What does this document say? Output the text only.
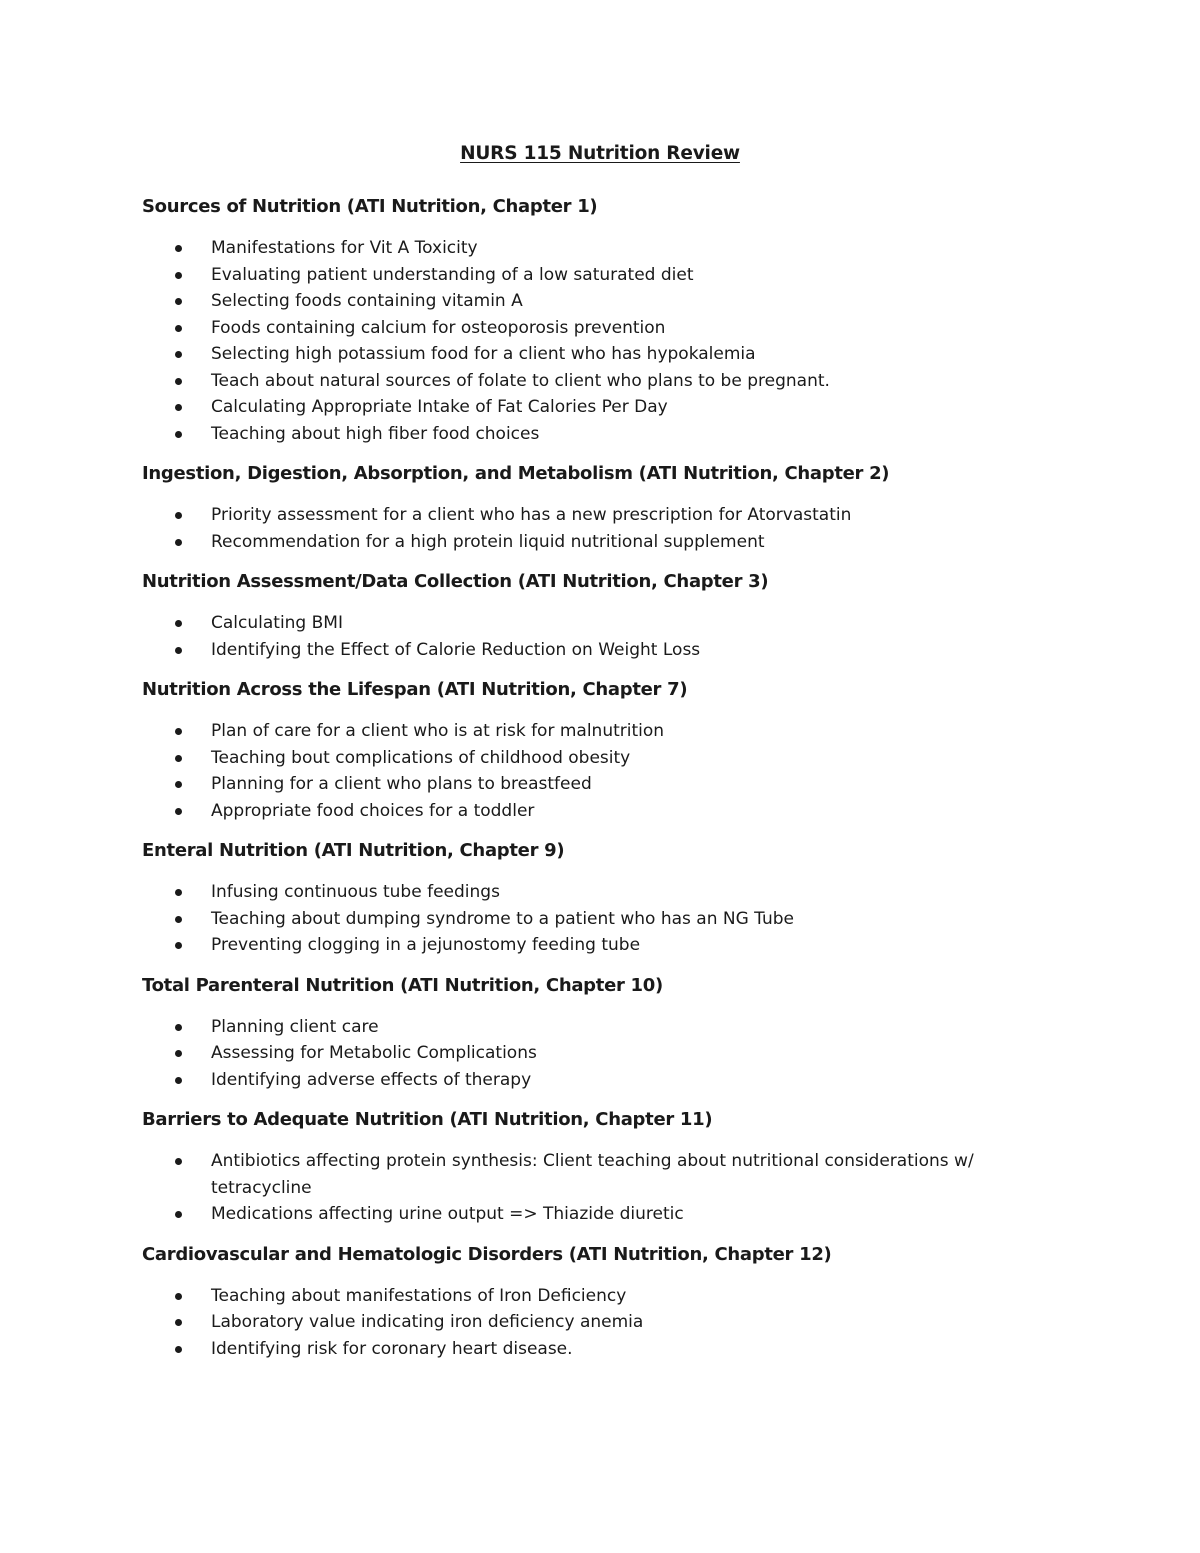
NURS 115 Nutrition Review
Sources of Nutrition (ATI Nutrition, Chapter 1)
Manifestations for Vit A Toxicity
Evaluating patient understanding of a low saturated diet
Selecting foods containing vitamin A
Foods containing calcium for osteoporosis prevention
Selecting high potassium food for a client who has hypokalemia
Teach about natural sources of folate to client who plans to be pregnant.
Calculating Appropriate Intake of Fat Calories Per Day
Teaching about high fiber food choices
Ingestion, Digestion, Absorption, and Metabolism (ATI Nutrition, Chapter 2)
Priority assessment for a client who has a new prescription for Atorvastatin
Recommendation for a high protein liquid nutritional supplement
Nutrition Assessment/Data Collection (ATI Nutrition, Chapter 3)
Calculating BMI
Identifying the Effect of Calorie Reduction on Weight Loss
Nutrition Across the Lifespan (ATI Nutrition, Chapter 7)
Plan of care for a client who is at risk for malnutrition
Teaching bout complications of childhood obesity
Planning for a client who plans to breastfeed
Appropriate food choices for a toddler
Enteral Nutrition (ATI Nutrition, Chapter 9)
Infusing continuous tube feedings
Teaching about dumping syndrome to a patient who has an NG Tube
Preventing clogging in a jejunostomy feeding tube
Total Parenteral Nutrition (ATI Nutrition, Chapter 10)
Planning client care
Assessing for Metabolic Complications
Identifying adverse effects of therapy
Barriers to Adequate Nutrition (ATI Nutrition, Chapter 11)
Antibiotics affecting protein synthesis: Client teaching about nutritional considerations w/ tetracycline
Medications affecting urine output => Thiazide diuretic
Cardiovascular and Hematologic Disorders (ATI Nutrition, Chapter 12)
Teaching about manifestations of Iron Deficiency
Laboratory value indicating iron deficiency anemia
Identifying risk for coronary heart disease.
